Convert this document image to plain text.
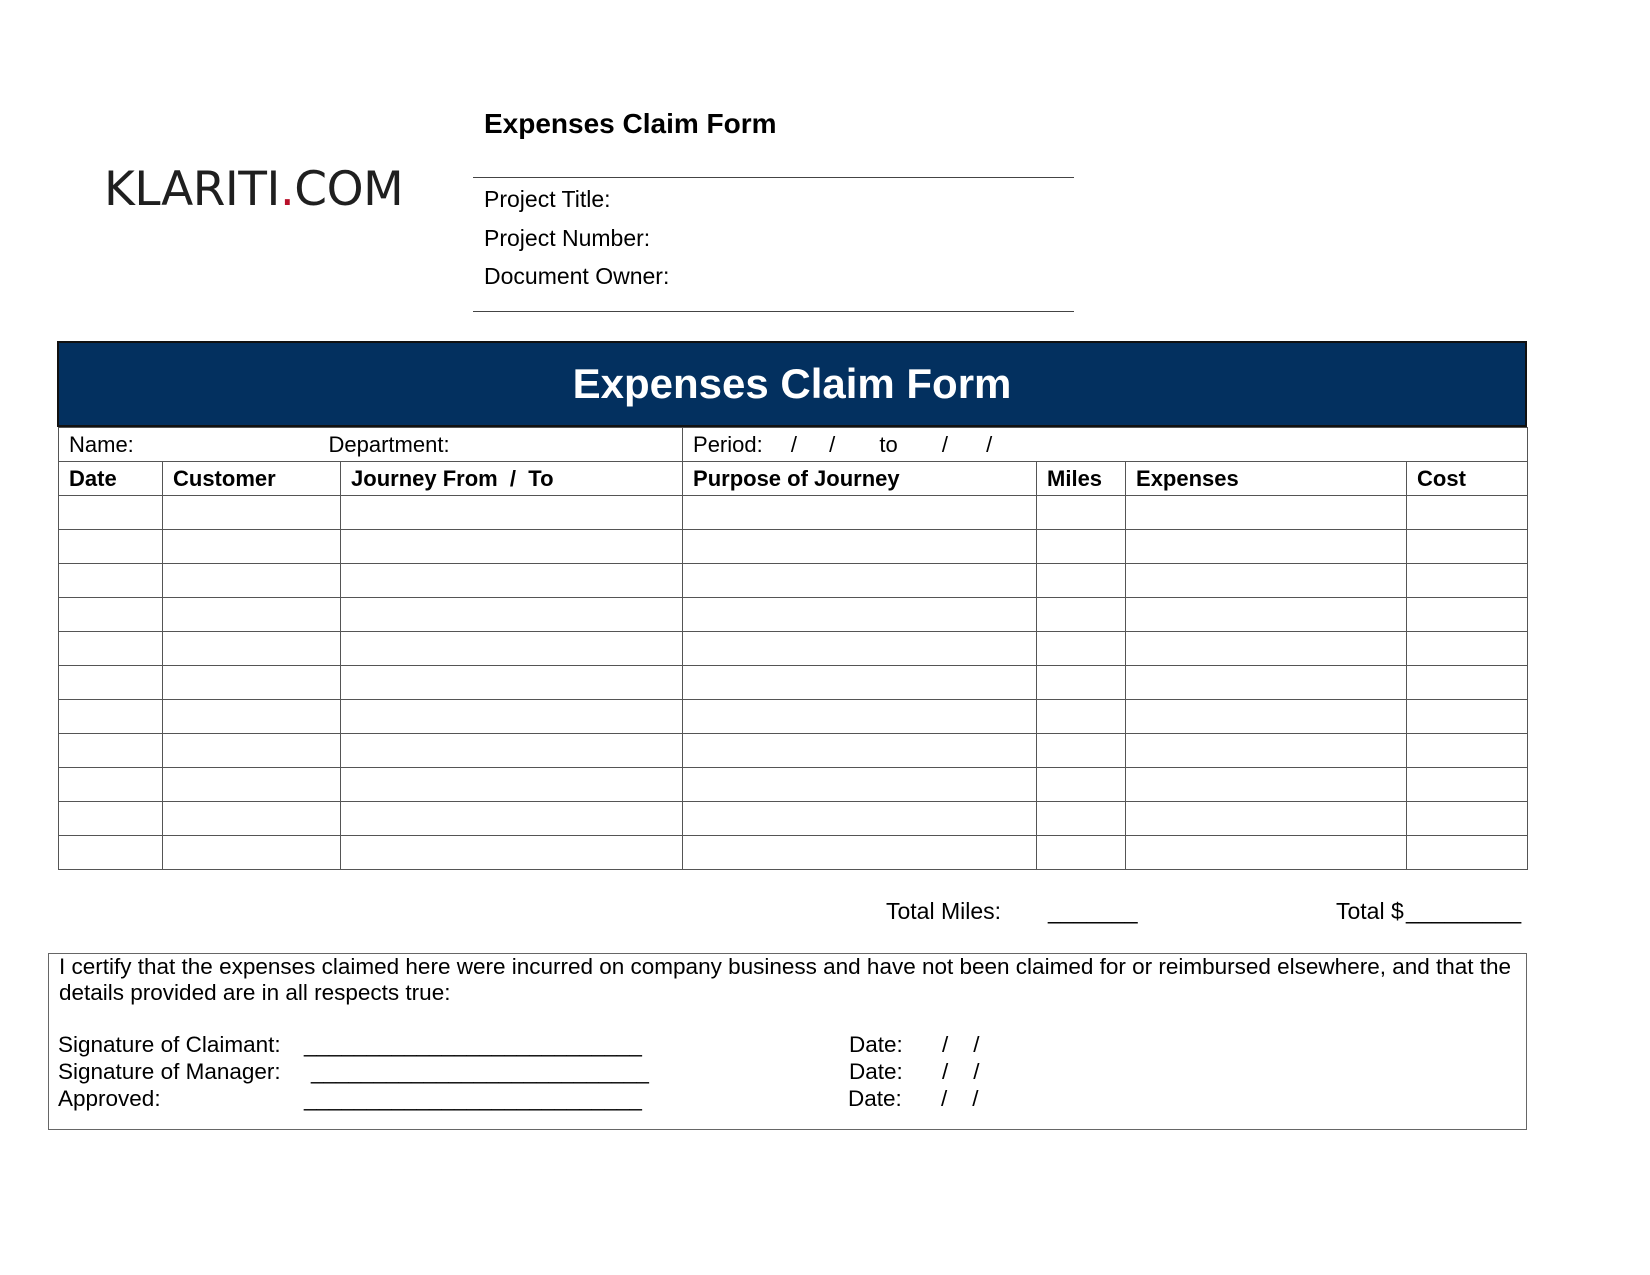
KLARITI.COM
Expenses Claim Form
Project Title:
Project Number:
Document Owner:
Expenses Claim Form
Name:		Department:	Period: / / to / /			
Date	Customer	Journey From  /  To	Purpose of Journey	Miles	Expenses	Cost

Total Miles: _______	Total $ _________
I certify that the expenses claimed here were incurred on company business and have not been claimed for or reimbursed elsewhere, and that the details provided are in all respects true:
Signature of Claimant: ___________________________	Date: /    /
Signature of Manager: ___________________________	Date: /    /
Approved:	___________________________	Date: /    /
